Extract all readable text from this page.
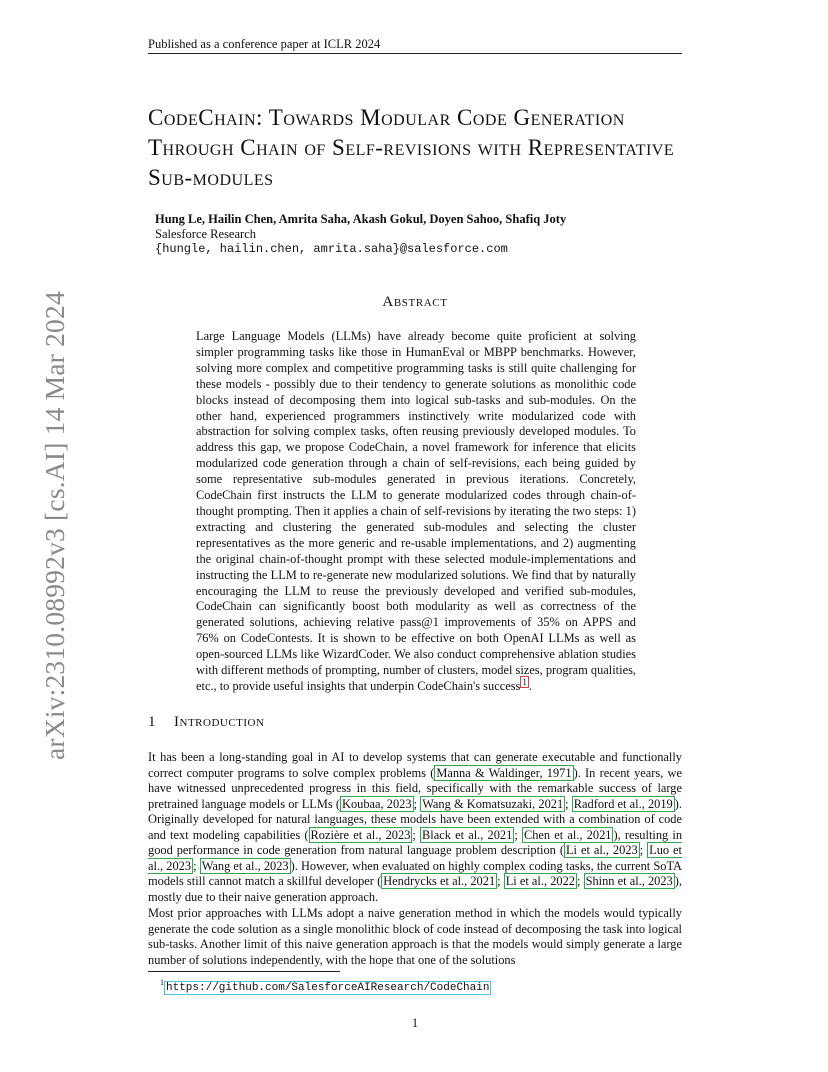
Published as a conference paper at ICLR 2024
arXiv:2310.08992v3 [cs.AI] 14 Mar 2024
CodeChain: Towards Modular Code Generation Through Chain of Self-revisions with Representative Sub-modules
Hung Le, Hailin Chen, Amrita Saha, Akash Gokul, Doyen Sahoo, Shafiq Joty
Salesforce Research
{hungle, hailin.chen, amrita.saha}@salesforce.com
Abstract
Large Language Models (LLMs) have already become quite proficient at solving simpler programming tasks like those in HumanEval or MBPP benchmarks. However, solving more complex and competitive programming tasks is still quite challenging for these models - possibly due to their tendency to generate solutions as monolithic code blocks instead of decomposing them into logical sub-tasks and sub-modules. On the other hand, experienced programmers instinctively write modularized code with abstraction for solving complex tasks, often reusing previously developed modules. To address this gap, we propose CodeChain, a novel framework for inference that elicits modularized code generation through a chain of self-revisions, each being guided by some representative sub-modules generated in previous iterations. Concretely, CodeChain first instructs the LLM to generate modularized codes through chain-of-thought prompting. Then it applies a chain of self-revisions by iterating the two steps: 1) extracting and clustering the generated sub-modules and selecting the cluster representatives as the more generic and re-usable implementations, and 2) augmenting the original chain-of-thought prompt with these selected module-implementations and instructing the LLM to re-generate new modularized solutions. We find that by naturally encouraging the LLM to reuse the previously developed and verified sub-modules, CodeChain can significantly boost both modularity as well as correctness of the generated solutions, achieving relative pass@1 improvements of 35% on APPS and 76% on CodeContests. It is shown to be effective on both OpenAI LLMs as well as open-sourced LLMs like WizardCoder. We also conduct comprehensive ablation studies with different methods of prompting, number of clusters, model sizes, program qualities, etc., to provide useful insights that underpin CodeChain's success $^1$ .
1 Introduction
It has been a long-standing goal in AI to develop systems that can generate executable and functionally correct computer programs to solve complex problems ( Manna & Waldinger, 1971 ). In recent years, we have witnessed unprecedented progress in this field, specifically with the remarkable success of large pretrained language models or LLMs ( Koubaa, 2023 ; Wang & Komatsuzaki, 2021 ; Radford et al., 2019 ). Originally developed for natural languages, these models have been extended with a combination of code and text modeling capabilities ( Rozière et al., 2023 ; Black et al., 2021 ; Chen et al., 2021 ), resulting in good performance in code generation from natural language problem description ( Li et al., 2023 ; Luo et al., 2023 ; Wang et al., 2023 ). However, when evaluated on highly complex coding tasks, the current SoTA models still cannot match a skillful developer ( Hendrycks et al., 2021 ; Li et al., 2022 ; Shinn et al., 2023 ), mostly due to their naive generation approach.
Most prior approaches with LLMs adopt a naive generation method in which the models would typically generate the code solution as a single monolithic block of code instead of decomposing the task into logical sub-tasks. Another limit of this naive generation approach is that the models would simply generate a large number of solutions independently, with the hope that one of the solutions
$^1$ https://github.com/SalesforceAIResearch/CodeChain
1
